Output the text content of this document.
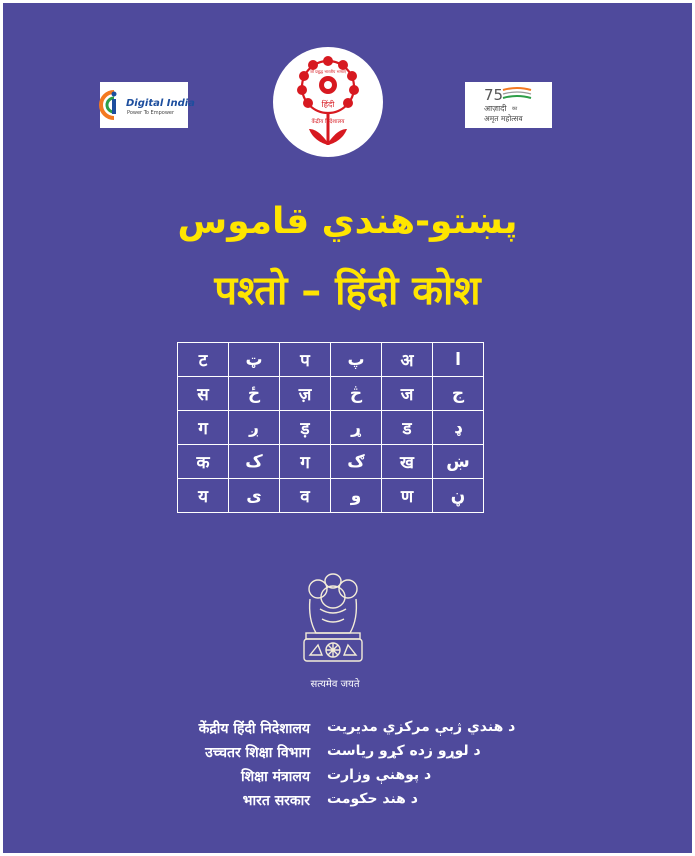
Digital India
Power To Empower
हिंदी
केंद्रीय निदेशालय
जो प्रबुद्ध भारतीय भाषाएं
75
आज़ादी का
अमृत महोत्सव
پښتو-هندي قاموس
पश्तो – हिंदी कोश
ट	ټ	प	پ	अ	ا
स	ځ	ज़	څ	ज	ج
ग	ږ	ड़	ړ	ड	ډ
क	ک	ग	ګ	ख	ښ
य	ی	व	و	ण	ڼ
सत्यमेव जयते
केंद्रीय हिंदी निदेशालय د هندي ژبې مرکزي مديريت
उच्चतर शिक्षा विभाग د لوړو زده کړو رياست
शिक्षा मंत्रालय د پوهنې وزارت
भारत सरकार د هند حکومت
